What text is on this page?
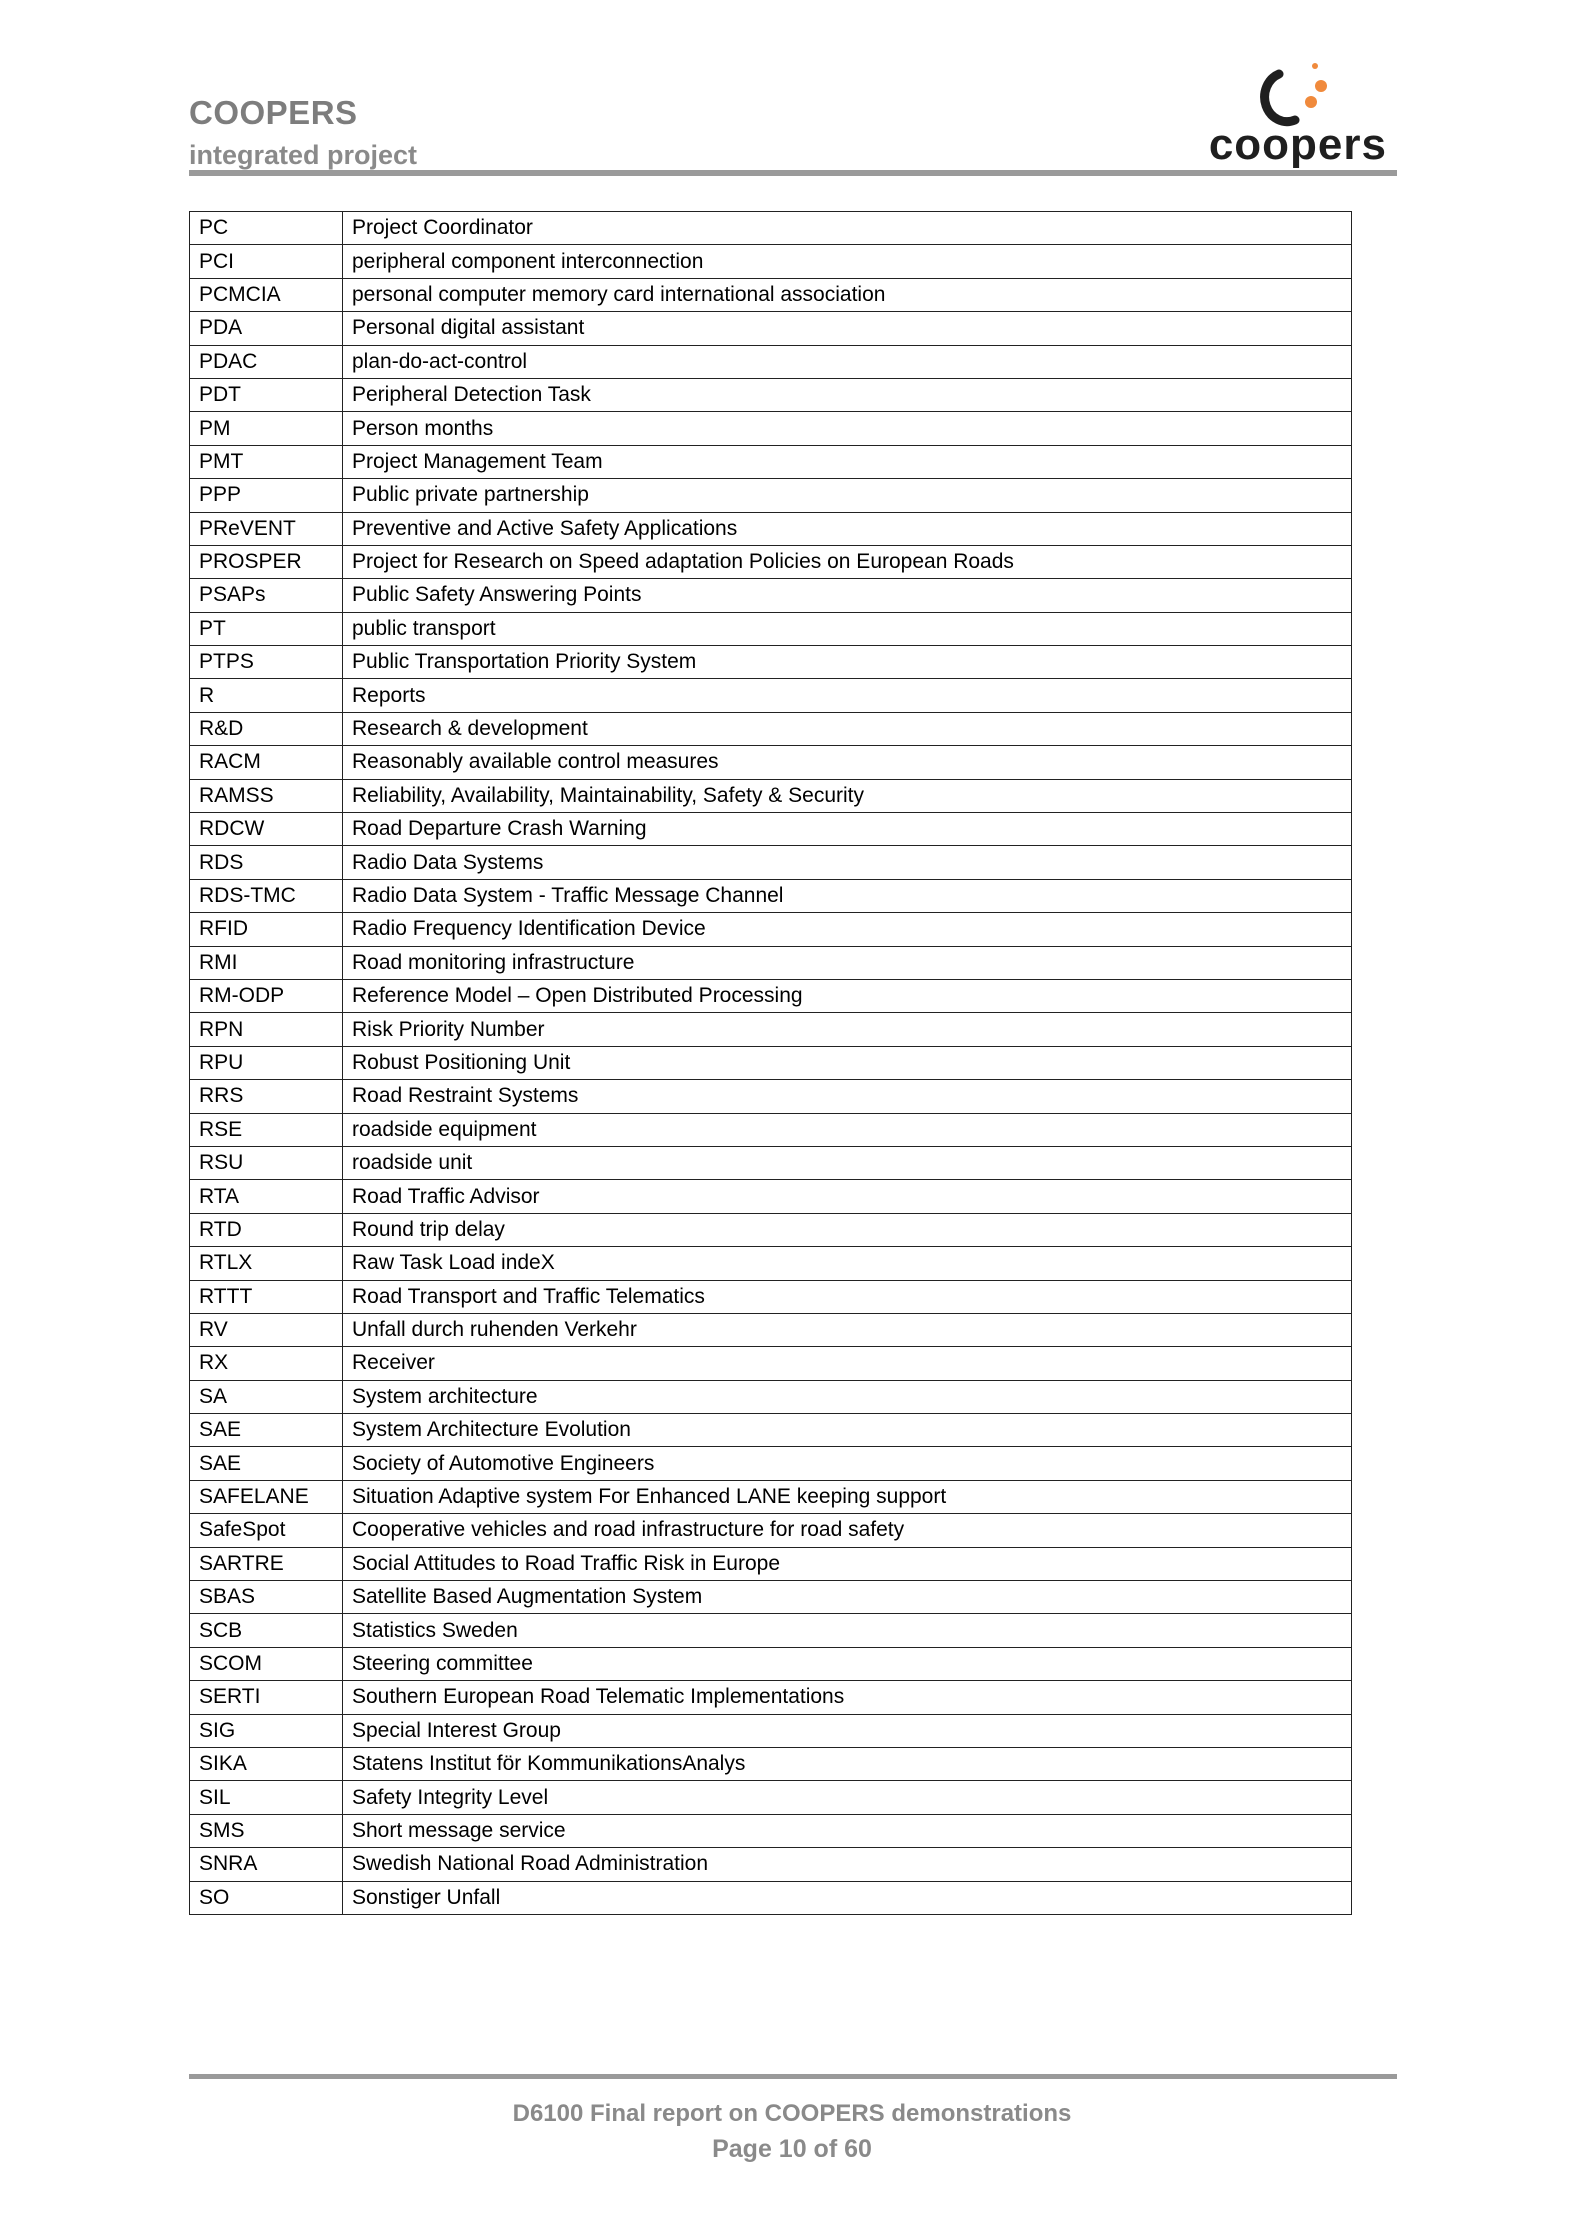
COOPERS
integrated project	coopers
PC	Project Coordinator
PCI	peripheral component interconnection
PCMCIA	personal computer memory card international association
PDA	Personal digital assistant
PDAC	plan-do-act-control
PDT	Peripheral Detection Task
PM	Person months
PMT	Project Management Team
PPP	Public private partnership
PReVENT	Preventive and Active Safety Applications
PROSPER	Project for Research on Speed adaptation Policies on European Roads
PSAPs	Public Safety Answering Points
PT	public transport
PTPS	Public Transportation Priority System
R	Reports
R&D	Research & development
RACM	Reasonably available control measures
RAMSS	Reliability, Availability, Maintainability, Safety & Security
RDCW	Road Departure Crash Warning
RDS	Radio Data Systems
RDS-TMC	Radio Data System - Traffic Message Channel
RFID	Radio Frequency Identification Device
RMI	Road monitoring infrastructure
RM-ODP	Reference Model – Open Distributed Processing
RPN	Risk Priority Number
RPU	Robust Positioning Unit
RRS	Road Restraint Systems
RSE	roadside equipment
RSU	roadside unit
RTA	Road Traffic Advisor
RTD	Round trip delay
RTLX	Raw Task Load indeX
RTTT	Road Transport and Traffic Telematics
RV	Unfall durch ruhenden Verkehr
RX	Receiver
SA	System architecture
SAE	System Architecture Evolution
SAE	Society of Automotive Engineers
SAFELANE	Situation Adaptive system For Enhanced LANE keeping support
SafeSpot	Cooperative vehicles and road infrastructure for road safety
SARTRE	Social Attitudes to Road Traffic Risk in Europe
SBAS	Satellite Based Augmentation System
SCB	Statistics Sweden
SCOM	Steering committee
SERTI	Southern European Road Telematic Implementations
SIG	Special Interest Group
SIKA	Statens Institut för KommunikationsAnalys
SIL	Safety Integrity Level
SMS	Short message service
SNRA	Swedish National Road Administration
SO	Sonstiger Unfall
D6100 Final report on COOPERS demonstrations
Page 10 of 60
